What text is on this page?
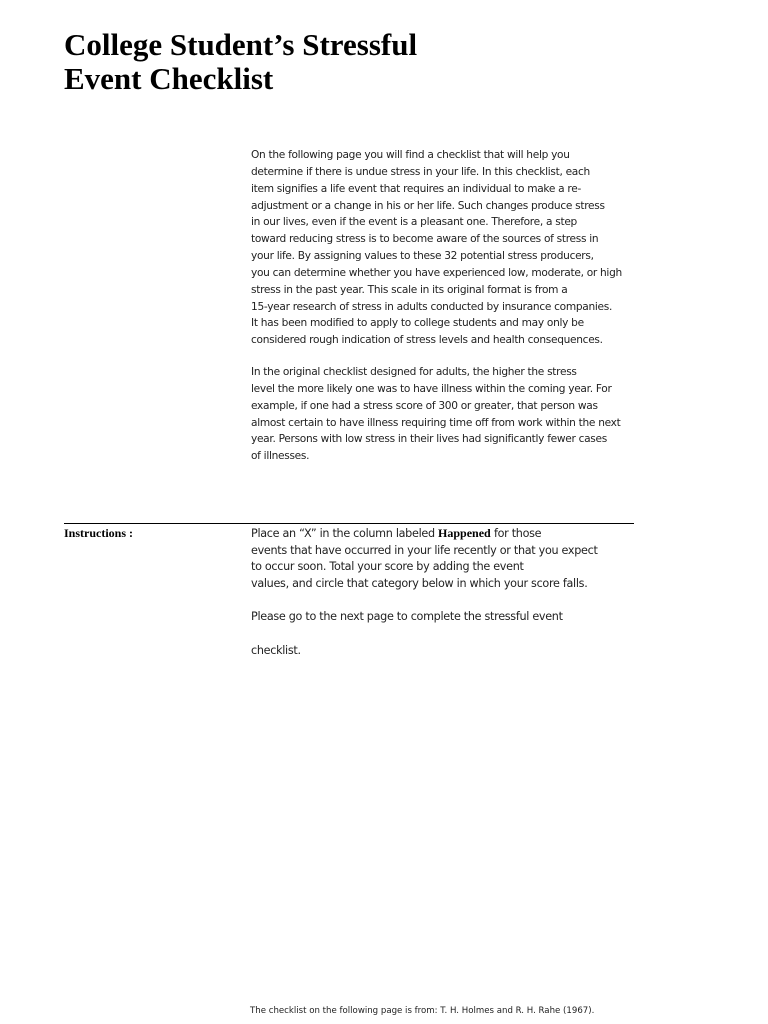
College Student’s Stressful
Event Checklist
On the following page you will find a checklist that will help you
determine if there is undue stress in your life. In this checklist, each
item signifies a life event that requires an individual to make a re-
adjustment or a change in his or her life. Such changes produce stress
in our lives, even if the event is a pleasant one. Therefore, a step
toward reducing stress is to become aware of the sources of stress in
your life. By assigning values to these 32 potential stress producers,
you can determine whether you have experienced low, moderate, or high
stress in the past year. This scale in its original format is from a
15-year research of stress in adults conducted by insurance companies.
It has been modified to apply to college students and may only be
considered rough indication of stress levels and health consequences.
In the original checklist designed for adults, the higher the stress
level the more likely one was to have illness within the coming year. For
example, if one had a stress score of 300 or greater, that person was
almost certain to have illness requiring time off from work within the next
year. Persons with low stress in their lives had significantly fewer cases
of illnesses.
Instructions :	Place an “X” in the column labeled Happened for those
events that have occurred in your life recently or that you expect
to occur soon. Total your score by adding the event
values, and circle that category below in which your score falls.
Please go to the next page to complete the stressful event
checklist.
The checklist on the following page is from: T. H. Holmes and R. H. Rahe (1967).
